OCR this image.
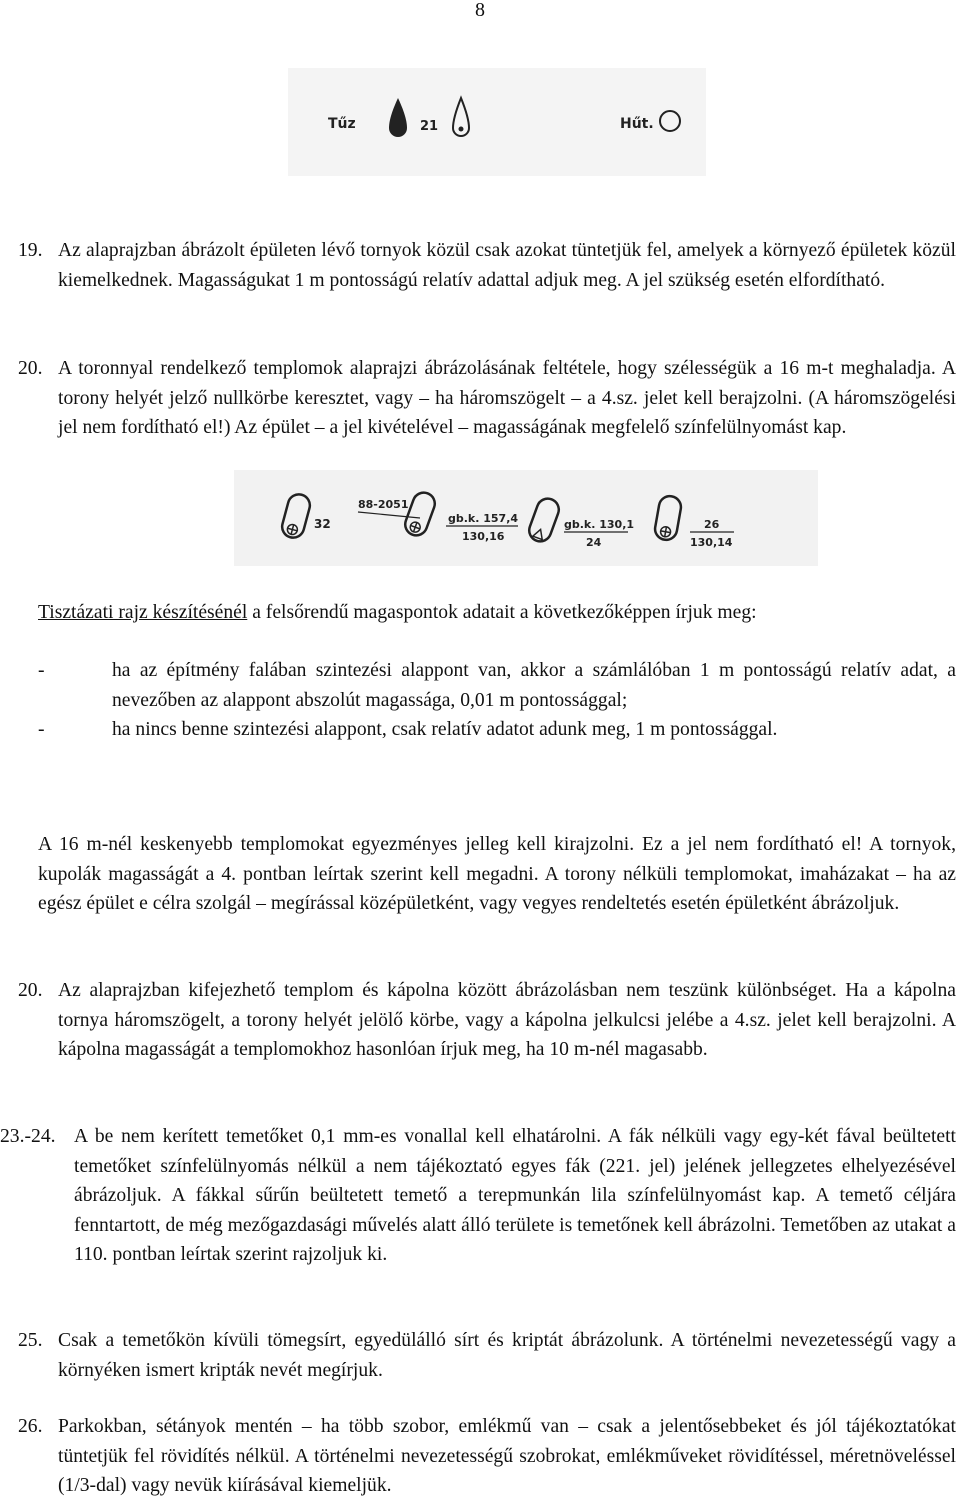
8
Tűz	21	Hűt.
19. Az alaprajzban ábrázolt épületen lévő tornyok közül csak azokat tüntetjük fel, amelyek a környező épületek közül kiemelkednek. Magasságukat 1 m pontosságú relatív adattal adjuk meg. A jel szükség esetén elfordítható.
20. A toronnyal rendelkező templomok alaprajzi ábrázolásának feltétele, hogy szélességük a 16 m-t meghaladja. A torony helyét jelző nullkörbe keresztet, vagy – ha háromszögelt – a 4.sz. jelet kell berajzolni. (A háromszögelési jel nem fordítható el!) Az épület – a jel kivételével – magasságának megfelelő színfelülnyomást kap.
32
88-2051
gb.k. 157,4
130,16
gb.k. 130,1
24
26
130,14
Tisztázati rajz készítésénél a felsőrendű magaspontok adatait a következőképpen írjuk meg:
-	ha az építmény falában szintezési alappont van, akkor a számlálóban 1 m pontosságú relatív adat, a nevezőben az alappont abszolút magassága, 0,01 m pontossággal;
-	ha nincs benne szintezési alappont, csak relatív adatot adunk meg, 1 m pontossággal.
A 16 m-nél keskenyebb templomokat egyezményes jelleg kell kirajzolni. Ez a jel nem fordítható el! A tornyok, kupolák magasságát a 4. pontban leírtak szerint kell megadni. A torony nélküli templomokat, imaházakat – ha az egész épület e célra szolgál – megírással középületként, vagy vegyes rendeltetés esetén épületként ábrázoljuk.
20. Az alaprajzban kifejezhető templom és kápolna között ábrázolásban nem teszünk különbséget. Ha a kápolna tornya háromszögelt, a torony helyét jelölő körbe, vagy a kápolna jelkulcsi jelébe a 4.sz. jelet kell berajzolni. A kápolna magasságát a templomokhoz hasonlóan írjuk meg, ha 10 m-nél magasabb.
23.-24. A be nem kerített temetőket 0,1 mm-es vonallal kell elhatárolni. A fák nélküli vagy egy-két fával beültetett temetőket színfelülnyomás nélkül a nem tájékoztató egyes fák (221. jel) jelének jellegzetes elhelyezésével ábrázoljuk. A fákkal sűrűn beültetett temető a terepmunkán lila színfelülnyomást kap. A temető céljára fenntartott, de még mezőgazdasági művelés alatt álló területe is temetőnek kell ábrázolni. Temetőben az utakat a 110. pontban leírtak szerint rajzoljuk ki.
25. Csak a temetőkön kívüli tömegsírt, egyedülálló sírt és kriptát ábrázolunk. A történelmi nevezetességű vagy a környéken ismert kripták nevét megírjuk.
26. Parkokban, sétányok mentén – ha több szobor, emlékmű van – csak a jelentősebbeket és jól tájékoztatókat tüntetjük fel rövidítés nélkül. A történelmi nevezetességű szobrokat, emlékműveket rövidítéssel, méretnöveléssel (1/3-dal) vagy nevük kiírásával kiemeljük.
